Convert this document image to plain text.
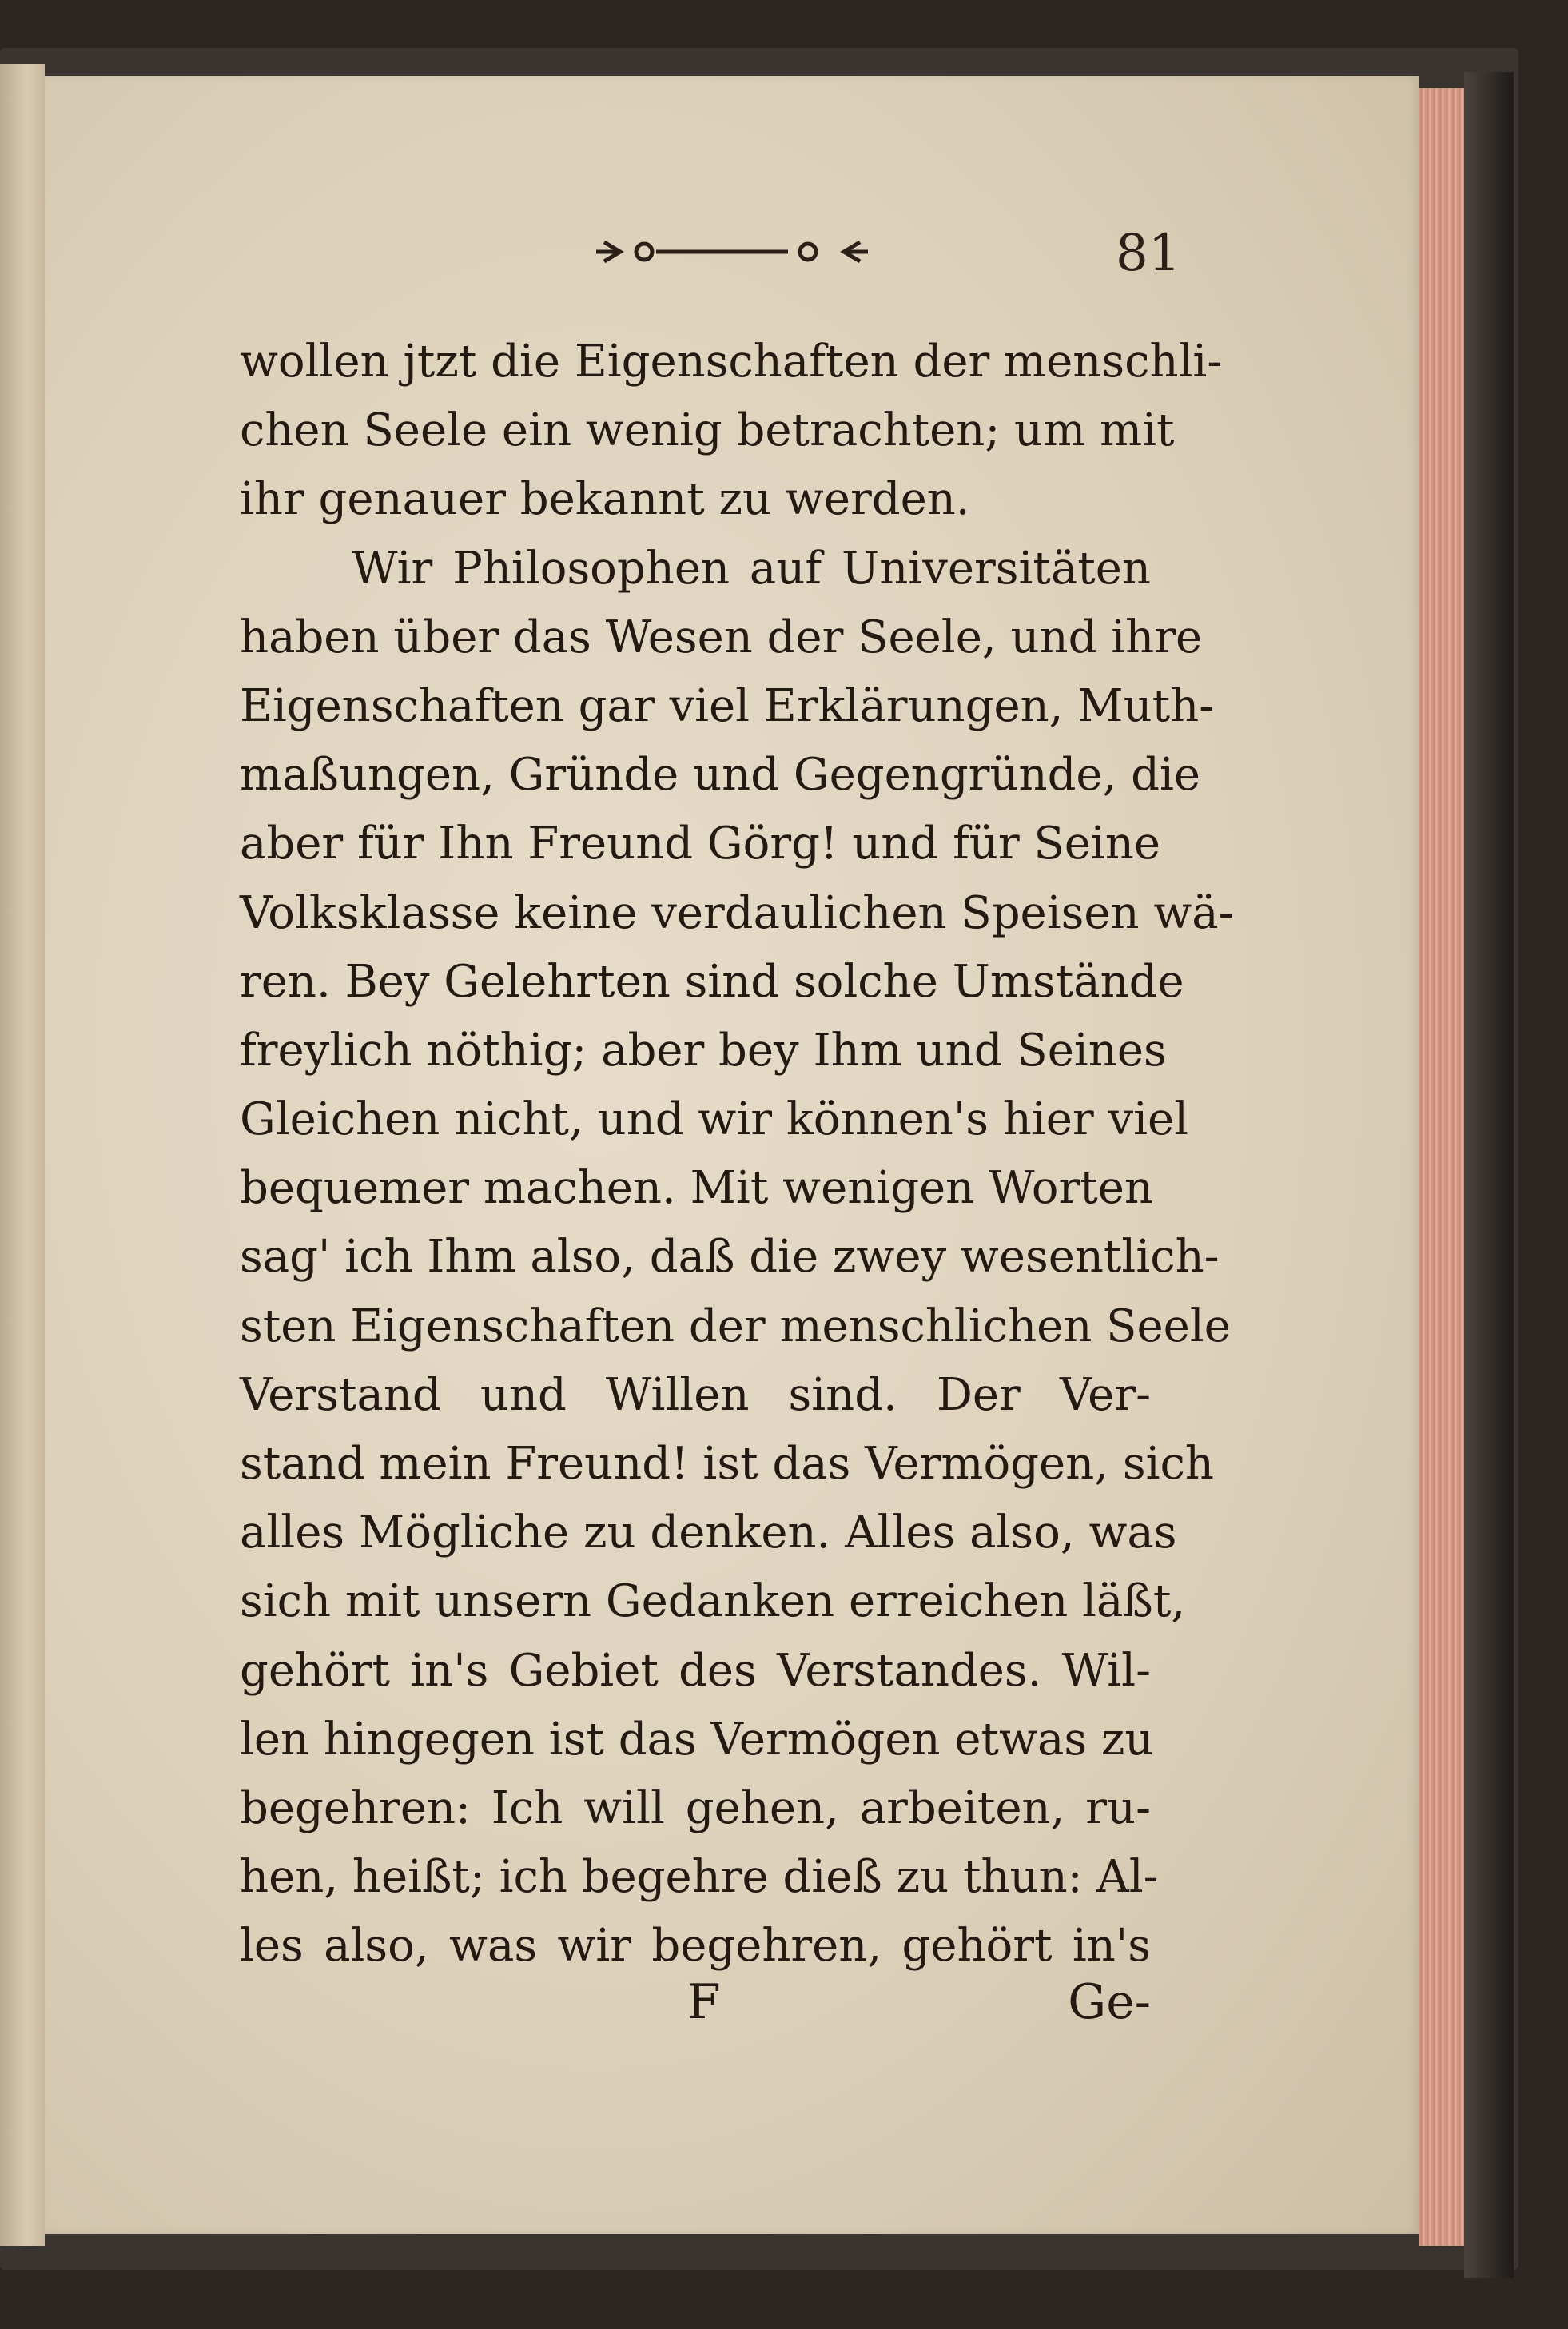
81
wollen jtzt die Eigenschaften der menschli-
chen Seele ein wenig betrachten; um mit
ihr genauer bekannt zu werden.
Wir Philosophen auf Universitäten
haben über das Wesen der Seele, und ihre
Eigenschaften gar viel Erklärungen, Muth-
maßungen, Gründe und Gegengründe, die
aber für Ihn Freund Görg! und für Seine
Volksklasse keine verdaulichen Speisen wä-
ren. Bey Gelehrten sind solche Umstände
freylich nöthig; aber bey Ihm und Seines
Gleichen nicht, und wir können's hier viel
bequemer machen. Mit wenigen Worten
sag' ich Ihm also, daß die zwey wesentlich-
sten Eigenschaften der menschlichen Seele
Verstand und Willen sind. Der Ver-
stand mein Freund! ist das Vermögen, sich
alles Mögliche zu denken. Alles also, was
sich mit unsern Gedanken erreichen läßt,
gehört in's Gebiet des Verstandes. Wil-
len hingegen ist das Vermögen etwas zu
begehren: Ich will gehen, arbeiten, ru-
hen, heißt; ich begehre dieß zu thun: Al-
les also, was wir begehren, gehört in's
F	Ge-
